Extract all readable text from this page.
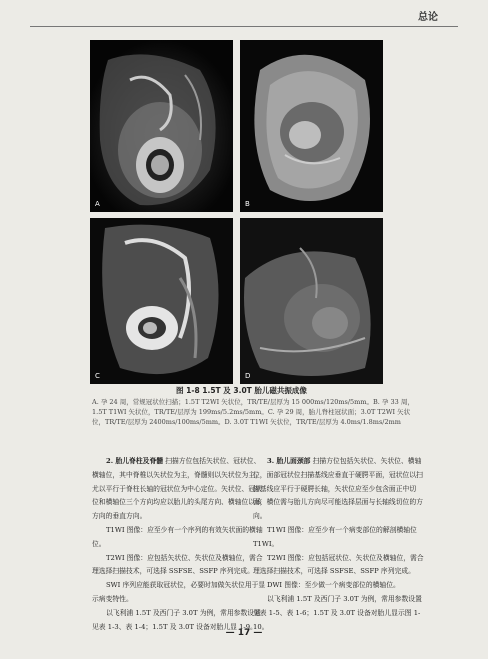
总论
A	B
C	D
图 1-8 1.5T 及 3.0T 胎儿磁共振成像
A. 孕 24 周，常规冠状位扫描；1.5T T2WI 矢状位，TR/TE/层厚为 15 000ms/120ms/5mm。B. 孕 33 周，1.5T T1WI 矢状位，TR/TE/层厚为 199ms/5.2ms/5mm。C. 孕 29 周，胎儿脊柱冠状面；3.0T T2WI 矢状位，TR/TE/层厚为 2400ms/100ms/5mm。D. 3.0T T1WI 矢状位，TR/TE/层厚为 4.0ms/1.8ms/2mm

2. 胎儿脊柱及脊髓 扫描方位包括矢状位、冠状位、横轴位，其中脊椎以矢状位为主，脊髓则以矢状位为主，尤以平行于脊柱长轴的冠状位为中心定位。矢状位、冠状位和横轴位三个方向均应以胎儿的头尾方向、横轴位以该方向的垂直方向。

T1WI 图像：应至少有一个序列的有效矢状面的横轴位。

T2WI 图像：应包括矢状位、失状位及横轴位，需合理选择扫描技术，可选择 SSFSE、SSFP 序列完成。

SWI 序列应能获取冠状位，必要时加做矢状位用于显示病变特性。

以飞利浦 1.5T 及西门子 3.0T 为例，常用参数设置见表 1-3、表 1-4；1.5T 及 3.0T 设备对胎儿显 1-9。

3. 胎儿面颈部 扫描方位包括矢状位、矢状位、横轴位，面部冠状位扫描基线应垂直于硬腭平面，冠状位以扫描基线应平行于硬腭长轴，矢状位应至少包含面正中切面，横位需与胎儿方向尽可能选择层面与长轴线切位的方向。

T1WI 图像：应至少有一个病变部位的解剖横轴位 T1WI。

T2WI 图像：应包括冠状位、矢状位及横轴位，需合理选择扫描技术，可选择 SSFSE、SSFP 序列完成。

DWI 图像：至少做一个病变部位的横轴位。

以飞利浦 1.5T 及西门子 3.0T 为例，常用参数设置见表 1-5、表 1-6；1.5T 及 3.0T 设备对胎儿显示图 1-10。

— 17 —
